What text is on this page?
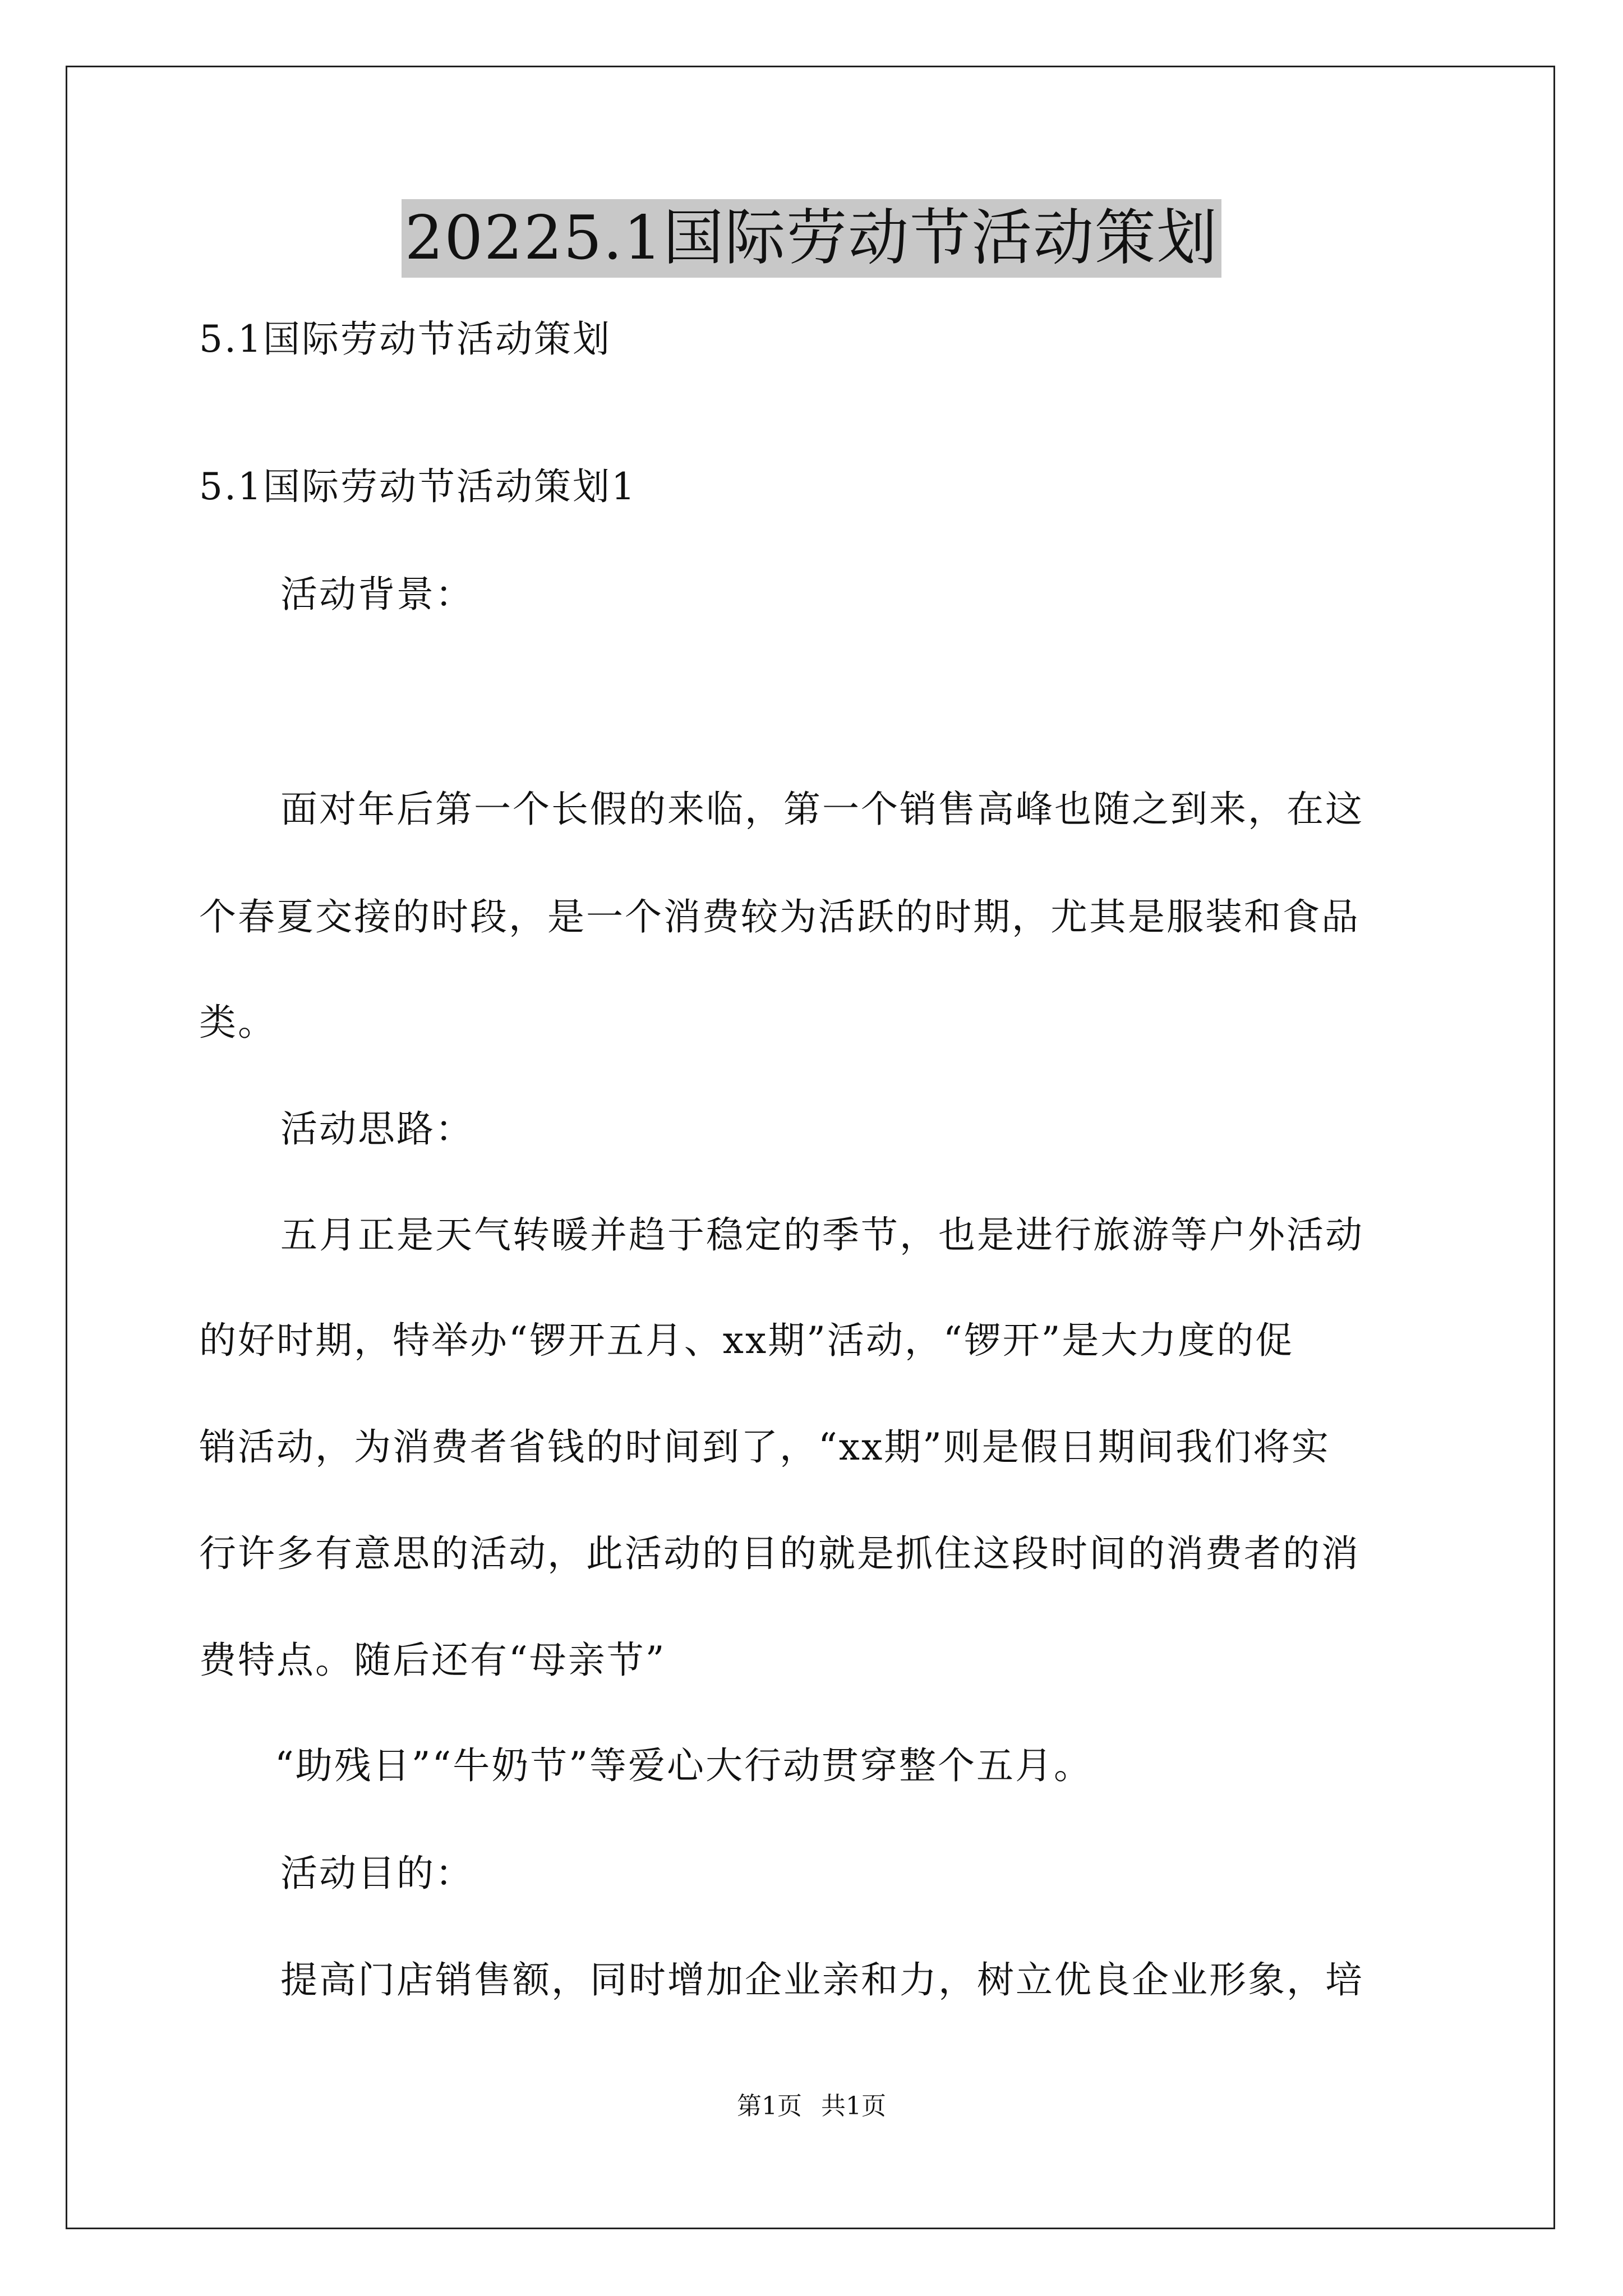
20225.1国际劳动节活动策划
5.1国际劳动节活动策划
5.1国际劳动节活动策划1
活动背景：
面对年后第一个长假的来临，第一个销售高峰也随之到来，在这
个春夏交接的时段，是一个消费较为活跃的时期，尤其是服装和食品
类。
活动思路：
五月正是天气转暖并趋于稳定的季节，也是进行旅游等户外活动
的好时期，特举办“锣开五月、xx期”活动，“锣开”是大力度的促
销活动，为消费者省钱的时间到了，“xx期”则是假日期间我们将实
行许多有意思的活动，此活动的目的就是抓住这段时间的消费者的消
费特点。随后还有“母亲节”
“助残日”“牛奶节”等爱心大行动贯穿整个五月。
活动目的：
提高门店销售额，同时增加企业亲和力，树立优良企业形象，培
第1页 共1页
